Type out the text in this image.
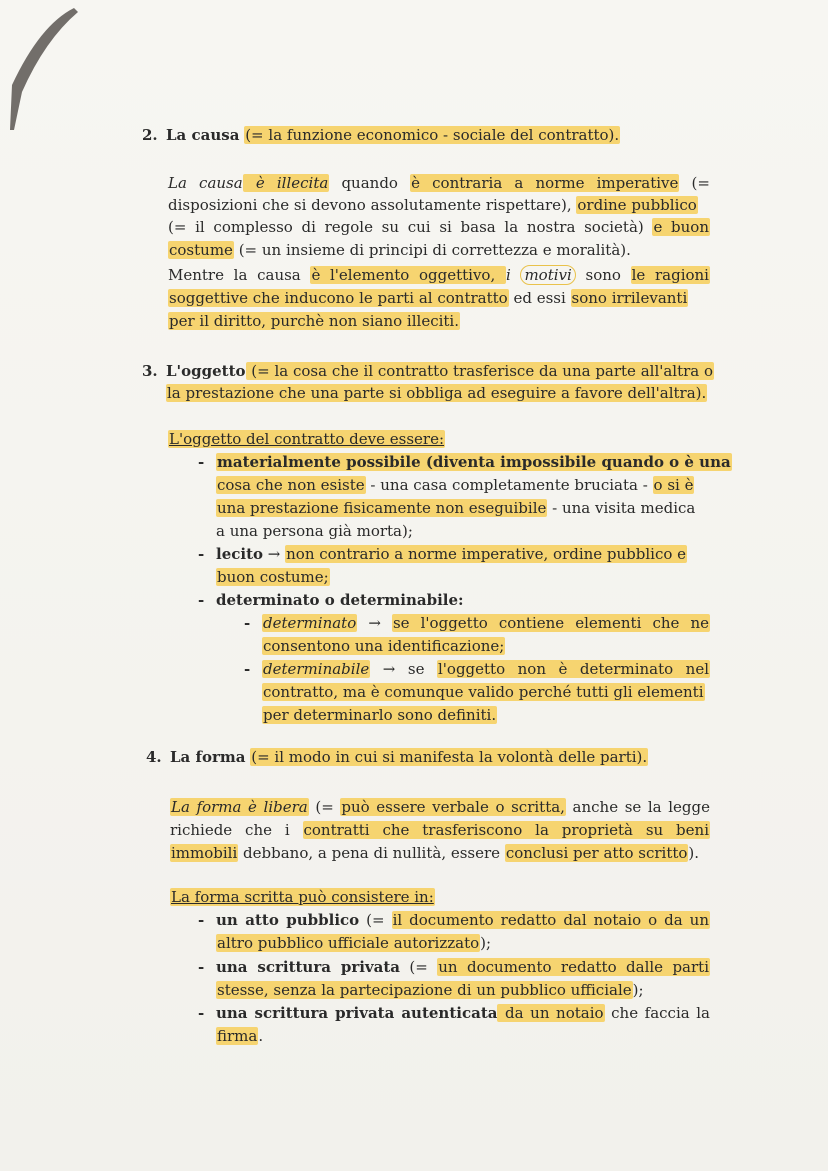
2. La causa (= la funzione economico - sociale del contratto).
La causa è illecita quando è contraria a norme imperative (=
disposizioni che si devono assolutamente rispettare), ordine pubblico
(= il complesso di regole su cui si basa la nostra società) e buon
costume (= un insieme di principi di correttezza e moralità).
Mentre la causa è l'elemento oggettivo, i motivi sono le ragioni
soggettive che inducono le parti al contratto ed essi sono irrilevanti
per il diritto, purchè non siano illeciti.
3. L'oggetto (= la cosa che il contratto trasferisce da una parte all'altra o
la prestazione che una parte si obbliga ad eseguire a favore dell'altra).
L'oggetto del contratto deve essere:
- materialmente possibile (diventa impossibile quando o è una
cosa che non esiste - una casa completamente bruciata - o si è
una prestazione fisicamente non eseguibile - una visita medica
a una persona già morta);
- lecito → non contrario a norme imperative, ordine pubblico e
buon costume;
- determinato o determinabile:
- determinato → se l'oggetto contiene elementi che ne
consentono una identificazione;
- determinabile → se l'oggetto non è determinato nel
contratto, ma è comunque valido perché tutti gli elementi
per determinarlo sono definiti.
4. La forma (= il modo in cui si manifesta la volontà delle parti).
La forma è libera (= può essere verbale o scritta, anche se la legge
richiede che i contratti che trasferiscono la proprietà su beni
immobili debbano, a pena di nullità, essere conclusi per atto scritto).
La forma scritta può consistere in:
- un atto pubblico (= il documento redatto dal notaio o da un
altro pubblico ufficiale autorizzato);
- una scrittura privata (= un documento redatto dalle parti
stesse, senza la partecipazione di un pubblico ufficiale);
- una scrittura privata autenticata da un notaio che faccia la
firma.
